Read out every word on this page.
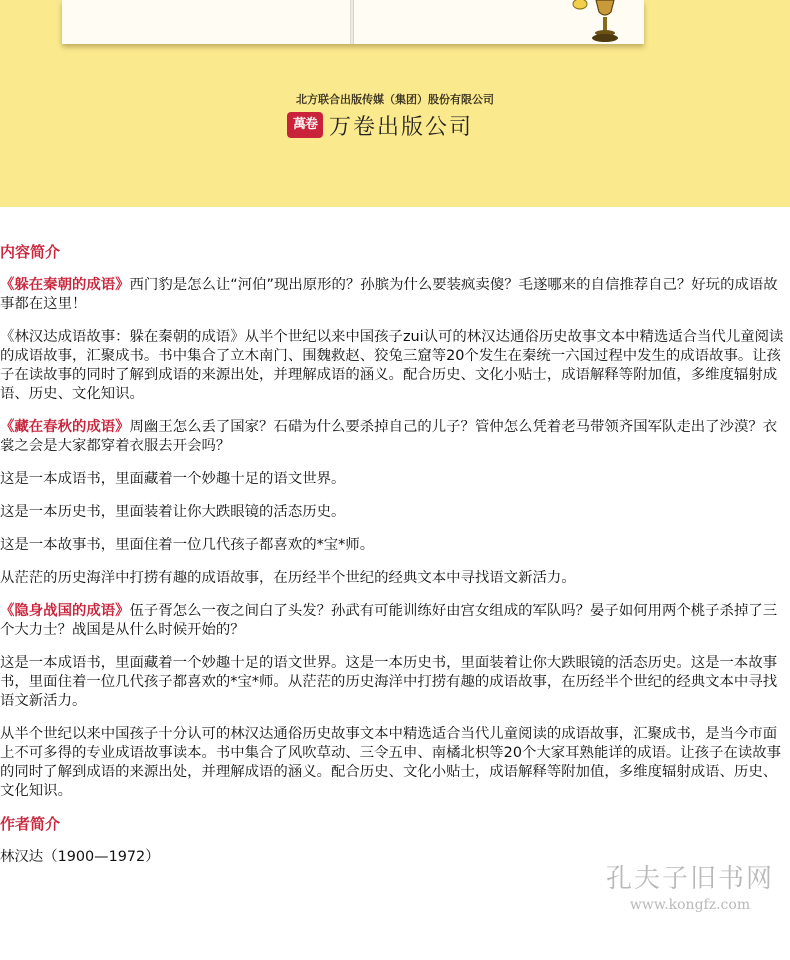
北方联合出版传媒（集团）股份有限公司
萬卷 万卷出版公司
内容简介

《躲在秦朝的成语》西门豹是怎么让“河伯”现出原形的？孙膑为什么要装疯卖傻？毛遂哪来的自信推荐自己？好玩的成语故事都在这里！

《林汉达成语故事：躲在秦朝的成语》从半个世纪以来中国孩子zui认可的林汉达通俗历史故事文本中精选适合当代儿童阅读的成语故事，汇聚成书。书中集合了立木南门、围魏救赵、狡兔三窟等20个发生在秦统一六国过程中发生的成语故事。让孩子在读故事的同时了解到成语的来源出处，并理解成语的涵义。配合历史、文化小贴士，成语解释等附加值，多维度辐射成语、历史、文化知识。

《藏在春秋的成语》周幽王怎么丢了国家？石碏为什么要杀掉自己的儿子？管仲怎么凭着老马带领齐国军队走出了沙漠？衣裳之会是大家都穿着衣服去开会吗？

这是一本成语书，里面藏着一个妙趣十足的语文世界。

这是一本历史书，里面装着让你大跌眼镜的活态历史。

这是一本故事书，里面住着一位几代孩子都喜欢的*宝*师。

从茫茫的历史海洋中打捞有趣的成语故事，在历经半个世纪的经典文本中寻找语文新活力。

《隐身战国的成语》伍子胥怎么一夜之间白了头发？孙武有可能训练好由宫女组成的军队吗？晏子如何用两个桃子杀掉了三个大力士？战国是从什么时候开始的？

这是一本成语书，里面藏着一个妙趣十足的语文世界。这是一本历史书，里面装着让你大跌眼镜的活态历史。这是一本故事书，里面住着一位几代孩子都喜欢的*宝*师。从茫茫的历史海洋中打捞有趣的成语故事，在历经半个世纪的经典文本中寻找语文新活力。

从半个世纪以来中国孩子十分认可的林汉达通俗历史故事文本中精选适合当代儿童阅读的成语故事，汇聚成书，是当今市面上不可多得的专业成语故事读本。书中集合了风吹草动、三令五申、南橘北枳等20个大家耳熟能详的成语。让孩子在读故事的同时了解到成语的来源出处，并理解成语的涵义。配合历史、文化小贴士，成语解释等附加值，多维度辐射成语、历史、文化知识。

作者简介

林汉达（1900—1972）

孔夫子旧书网
www.kongfz.com
